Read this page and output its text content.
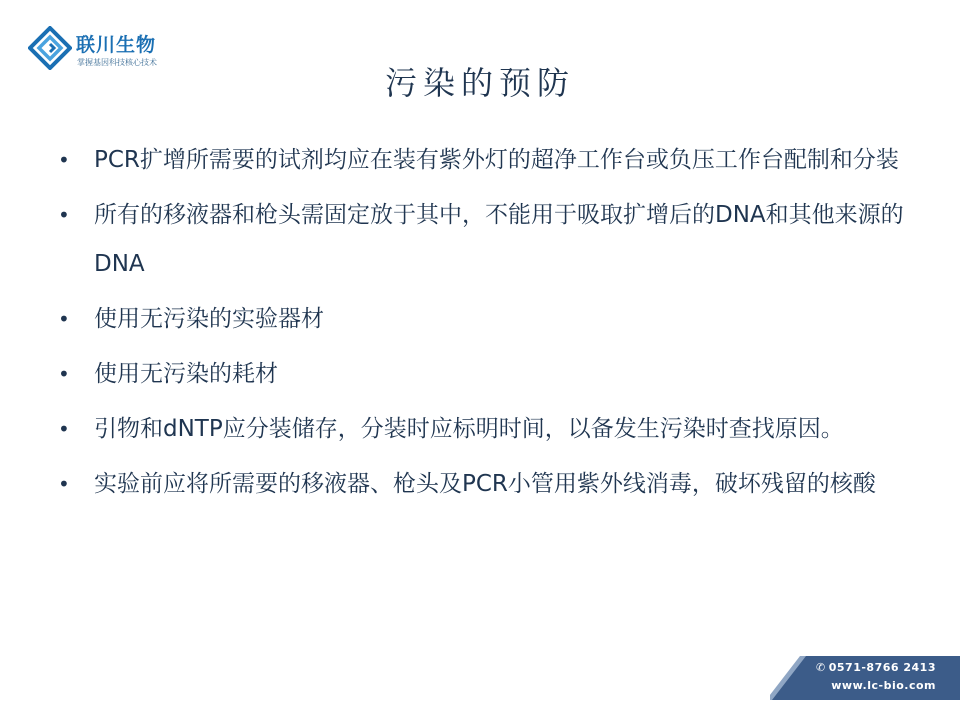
联川生物
掌握基因科技核心技术
污染的预防
• PCR扩增所需要的试剂均应在装有紫外灯的超净工作台或负压工作台配制和分装
• 所有的移液器和枪头需固定放于其中，不能用于吸取扩增后的DNA和其他来源的DNA
• 使用无污染的实验器材
• 使用无污染的耗材
• 引物和dNTP应分装储存，分装时应标明时间，以备发生污染时查找原因。
• 实验前应将所需要的移液器、枪头及PCR小管用紫外线消毒，破坏残留的核酸
✆ 0571-8766 2413
www.lc-bio.com
